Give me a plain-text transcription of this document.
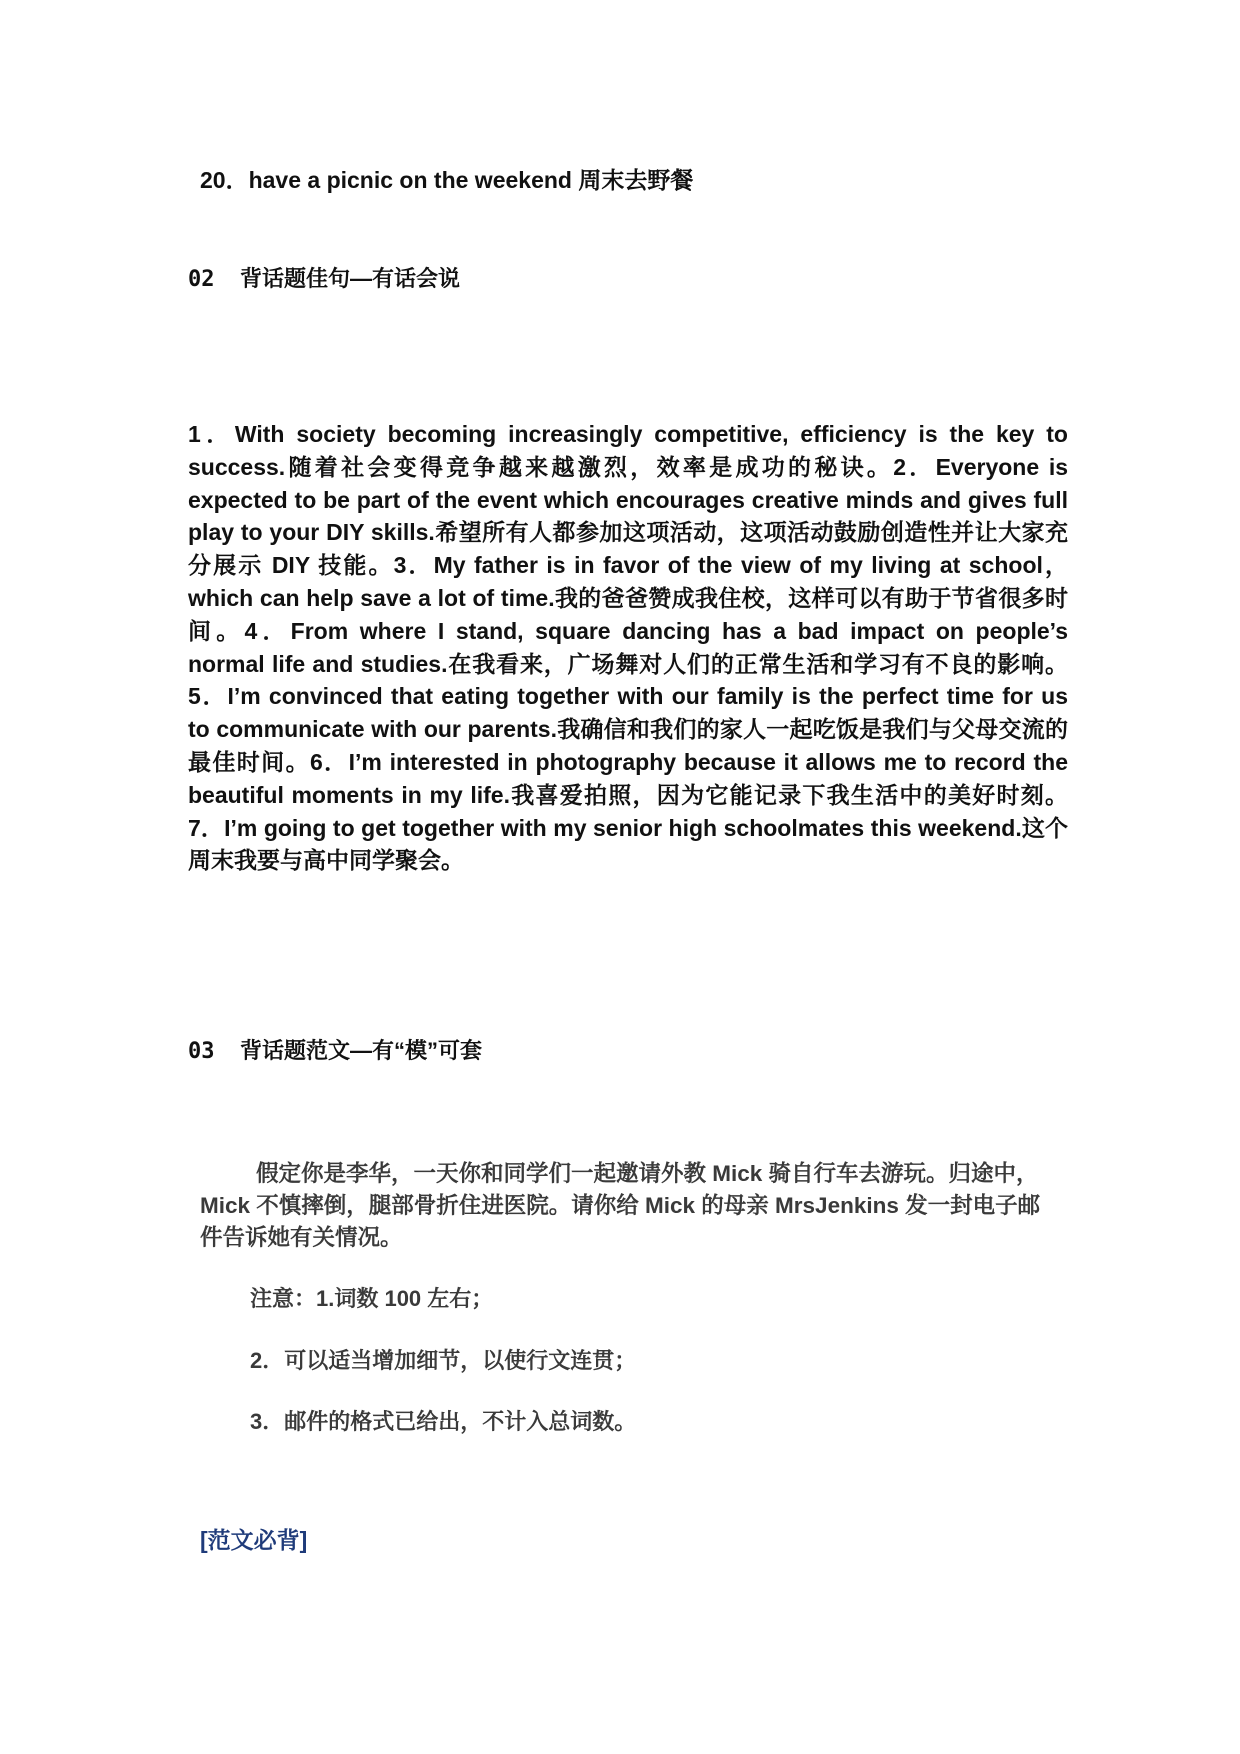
20．have a picnic on the weekend 周末去野餐
02 背话题佳句—有话会说

1．With society becoming increasingly competitive, efficiency is the key to success.随着社会变得竞争越来越激烈，效率是成功的秘诀。2．Everyone is expected to be part of the event which encourages creative minds and gives full play to your DIY skills.希望所有人都参加这项活动，这项活动鼓励创造性并让大家充分展示 DIY 技能。3．My father is in favor of the view of my living at school，which can help save a lot of time.我的爸爸赞成我住校，这样可以有助于节省很多时间。4．From where I stand, square dancing has a bad impact on people’s normal life and studies.在我看来，广场舞对人们的正常生活和学习有不良的影响。5．I’m convinced that eating together with our family is the perfect time for us to communicate with our parents.我确信和我们的家人一起吃饭是我们与父母交流的最佳时间。6．I’m interested in photography because it allows me to record the beautiful moments in my life.我喜爱拍照，因为它能记录下我生活中的美好时刻。7．I’m going to get together with my senior high schoolmates this weekend.这个周末我要与高中同学聚会。

03 背话题范文—有“模”可套

假定你是李华，一天你和同学们一起邀请外教 Mick 骑自行车去游玩。归途中，Mick 不慎摔倒，腿部骨折住进医院。请你给 Mick 的母亲 MrsJenkins 发一封电子邮件告诉她有关情况。

注意：1.词数 100 左右；
2．可以适当增加细节，以使行文连贯；
3．邮件的格式已给出，不计入总词数。
[范文必背]
